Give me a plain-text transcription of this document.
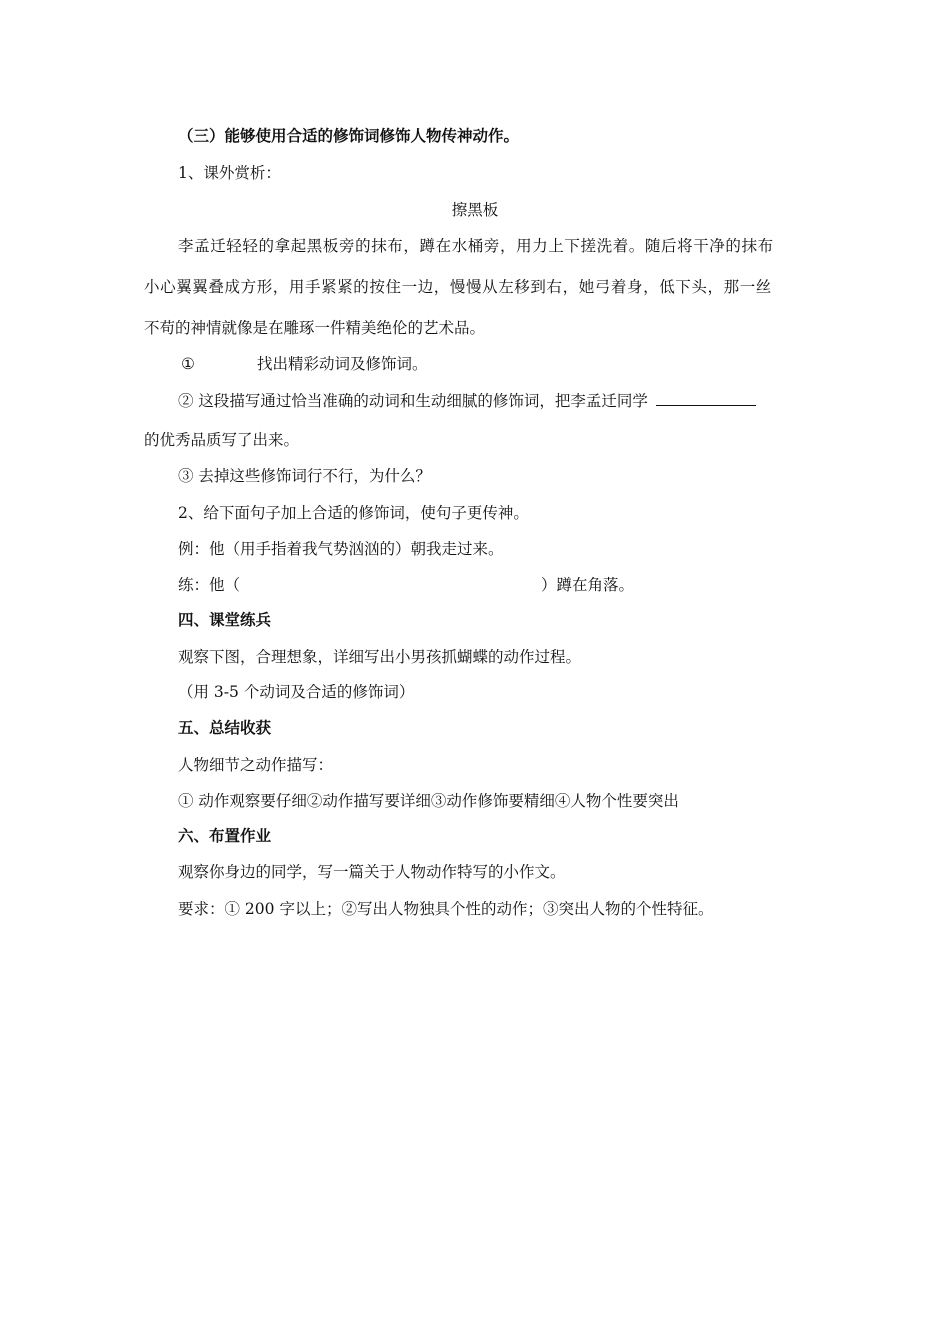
（三）能够使用合适的修饰词修饰人物传神动作。
1、课外赏析：
擦黑板
李孟迁轻轻的拿起黑板旁的抹布，蹲在水桶旁，用力上下搓洗着。随后将干净的抹布
小心翼翼叠成方形，用手紧紧的按住一边，慢慢从左移到右，她弓着身，低下头，那一丝
不苟的神情就像是在雕琢一件精美绝伦的艺术品。
①	找出精彩动词及修饰词。
② 这段描写通过恰当准确的动词和生动细腻的修饰词，把李孟迁同学
的优秀品质写了出来。
③ 去掉这些修饰词行不行，为什么？
2、给下面句子加上合适的修饰词，使句子更传神。
例：他（用手指着我气势汹汹的）朝我走过来。
练：他（	）蹲在角落。
四、课堂练兵
观察下图，合理想象，详细写出小男孩抓蝴蝶的动作过程。
（用 3-5 个动词及合适的修饰词）
五、总结收获
人物细节之动作描写：
① 动作观察要仔细②动作描写要详细③动作修饰要精细④人物个性要突出
六、布置作业
观察你身边的同学，写一篇关于人物动作特写的小作文。
要求：① 200 字以上；②写出人物独具个性的动作；③突出人物的个性特征。
